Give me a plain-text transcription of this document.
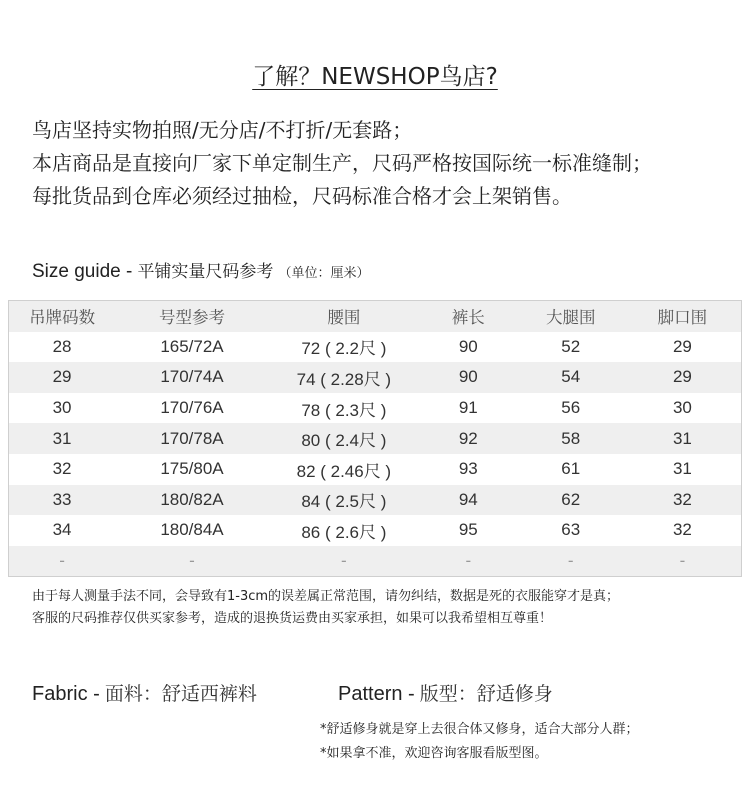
了解？NEWSHOP鸟店?

鸟店坚持实物拍照/无分店/不打折/无套路；

本店商品是直接向厂家下单定制生产，尺码严格按国际统一标准缝制；

每批货品到仓库必须经过抽检，尺码标准合格才会上架销售。

Size guide - 平铺实量尺码参考 （单位：厘米）
吊牌码数	号型参考	腰围	裤长	大腿围	脚口围
28	165/72A	72 ( 2.2尺 )	90	52	29
29	170/74A	74 ( 2.28尺 )	90	54	29
30	170/76A	78 ( 2.3尺 )	91	56	30
31	170/78A	80 ( 2.4尺 )	92	58	31
32	175/80A	82 ( 2.46尺 )	93	61	31
33	180/82A	84 ( 2.5尺 )	94	62	32
34	180/84A	86 ( 2.6尺 )	95	63	32
-	-	-	-	-	-

由于每人测量手法不同，会导致有1-3cm的误差属正常范围，请勿纠结，数据是死的衣服能穿才是真；

客服的尺码推荐仅供买家参考，造成的退换货运费由买家承担，如果可以我希望相互尊重！

Fabric - 面料：舒适西裤料	Pattern - 版型：舒适修身

*舒适修身就是穿上去很合体又修身，适合大部分人群；

*如果拿不准，欢迎咨询客服看版型图。
